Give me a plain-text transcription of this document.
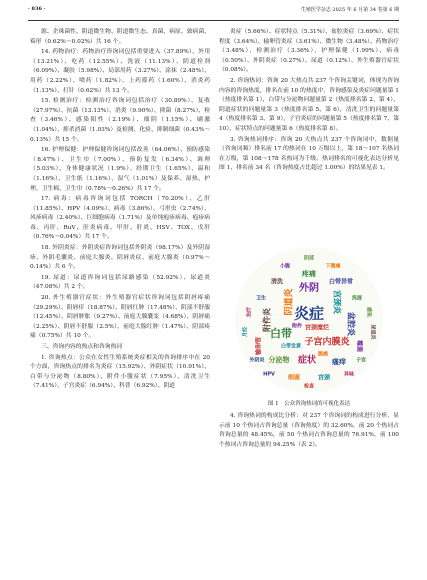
· 836 ·	生殖医学杂志 2025 年 6 月第 34 卷第 6 期

源、企珠菌性、阴道微生物、阴道微生态、真菌、病原、致病菌、霉形（0.62%～0.02%）共 16 个。

14. 药物治疗：药物治疗咨询词包括重要进入（37.89%）、外用（13.21%）、吃药（12.55%）、洗液（11.13%）、阴道栓剂（6.09%）、凝胶（5.98%）、局部用药（3.27%）、涂抹（2.48%）、用药（2.22%）、喷药（1.82%）、上药搽药（1.60%）、消炎药（1.13%）、打针（0.62%）共 13 个。

15. 检测治疗：检测治疗咨询词包括治疗（30.89%）、复收（27.97%）、抗菌（13.13%）、消炎（9.90%）、抑菌（8.27%）、检查（3.46%）、感染阳性（2.19%）、细阴（1.15%）、刷激（1.04%）、抑杀消菌（1.03%）及检测、化验、抑制细菌（0.43%～0.13%）共 15 个。

16. 护理保健：护理保健咨询词包括改善（64.06%）、预防感染（8.47%）、卫生巾（7.00%）、预防复发（6.34%）、调理（5.03%）、身体健康状况（1.9%）、经期卫生（1.65%）、温和（1.16%）、卫生纸（1.16%）、湿气（1.01%）及保养、湿热、护理、卫生棉、卫生巾（0.78%～0.26%）共 17 个。

17. 病毒：病毒咨询词包括 TORCH（70.20%）、乙肝（11.85%）、HPV（4.09%）、病毒（3.86%）、弓形虫（2.74%）、风疹病毒（2.40%）、巨细胞病毒（1.71%）及单纯疱疹病毒、疱疹病毒、丙肝、RuV、肝炎病毒、甲肝、肝炎、HSV、TOX、戊肝（0.76%～0.04%）共 17 个。

18. 外阴炎症：外阴炎症咨询词包括外阴炎（98.17%）及外阴湿疹、外阴毛囊炎、前庭大腺炎、阴唇炎症、前庭大腺炎（0.97%～0.14%）共 6 个。

19. 尿道：尿道咨询词包括尿路感染（52.92%）、尿道炎（47.08%）共 2 个。

20. 外生殖器官症状：外生殖器官症状咨询词包括阴唇疼痛（29.29%）、阴唇痒（18.87%）、阴唇红肿（17.48%）、阴部不舒服（12.45%）、阴唇肿胀（9.27%）、前庭大腺囊变（4.68%）、阴唇痛（2.25%）、阴唇不舒服（2.5%）、前庭大腺红肿（1.47%）、阴部疼痛（0.75%）共 10 个。

三、咨询内容的热点和咨询热词

1. 咨询热点：公众在女性生殖系统炎症相关的咨询排序中在 20 个方面，咨询热点的排名为炎症（15.92%）、外阴症状（10.91%）、白带与分泌物（8.80%）、附件小腹症状（7.95%）、清洗卫生（7.41%）、子宫炎症（6.94%）、科普（6.92%）、阴道

炎症（5.66%）、症状特点（5.31%）、盆腔炎症（3.69%）、症状程度（3.64%）、输卵管炎症（3.61%）、微生物（3.48%）、药物治疗（3.48%）、检测治疗（3.36%）、护理保健（1.99%）、病毒（0.50%）、外阴炎症（0.27%）、尿道（0.12%）、外生殖器官症状（0.08%）。

2. 咨询热词：咨询 20 大热点共 237 个咨询关键词，体现为咨询内容的咨询热度，排名在前 10 的热度中，咨询感染及炎症问题量第 1（热度排名第 1），白带与分泌物问题量第 2（热度排名第 2、第 4），阴道症状的问题量第 3（热度排名第 5、第 6），清洗卫生的问题量第 4（热度排名第 3、第 9），子宫炎症的问题量第 5（热度排名第 7、第 10），症状特点的问题量第 6（热度排名第 8）。

3. 咨询热词排序：咨询 20 大热点共 237 个咨询词中，数据量（咨询词频）排名前 17 的热词在 10 万级以上，第 18～107 名热词在万级，第 108～178 名热词为千级。热词排名的可视化表达分析见图 1，排名前 34 名（咨询热度占比超过 1.00%）的结果见表 1。

炎症
白带
子宫内膜炎
外阴
阴道炎	宫颈炎
附件炎	盆腔炎
症状
分泌物	瘙痒
疼痛
输卵管	霉菌
细菌	宫颈
清洗	白带异常
治疗	感染
卫生	洗液
检查
小腹	下腹痛
月经	尿道炎
HPV	异味
阴部
外阴炎	子宫
宫颈糜烂
附件
腹痛
白带发黄
图 1　公众咨询热词的可视化表达

4. 咨询热词的构成比分析：对 237 个咨询词的构成进行分析，显示前 10 个热词占咨询总量（咨询热度）的 32.60%，前 20 个热词占咨询总量的 48.45%，前 50 个热词占咨询总量的 76.91%，前 100 个热词占咨询总量的 94.25%（表 2）。
